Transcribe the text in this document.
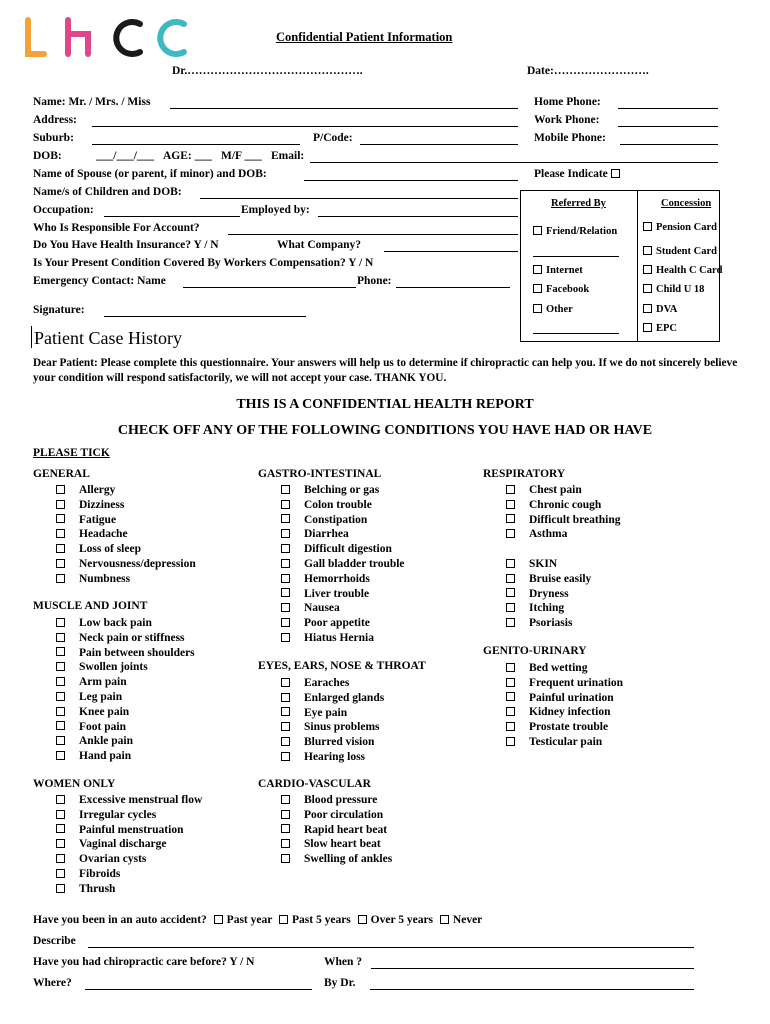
Confidential Patient Information
Dr.……………………………………….	Date:…………………….
Name: Mr. / Mrs. / Miss
Address:
Suburb:	P/Code:
DOB:	___/___/___ AGE: ___ M/F ___ Email:
Name of Spouse (or parent, if minor) and DOB:
Name/s of Children and DOB:
Occupation:	Employed by:
Who Is Responsible For Account?
Do You Have Health Insurance? Y / N	What Company?
Is Your Present Condition Covered By Workers Compensation? Y / N
Emergency Contact: Name	Phone:
Signature:
Home Phone:
Work Phone:
Mobile Phone:
Please Indicate
Referred By	Concession
Friend/Relation
Internet
Facebook
Other
Pension Card
Student Card
Health C Card
Child U 18
DVA
EPC
Patient Case History
Dear Patient: Please complete this questionnaire. Your answers will help us to determine if chiropractic can help you. If we do not sincerely believe your condition will respond satisfactorily, we will not accept your case. THANK YOU.
THIS IS A CONFIDENTIAL HEALTH REPORT
CHECK OFF ANY OF THE FOLLOWING CONDITIONS YOU HAVE HAD OR HAVE
PLEASE TICK
GENERAL
Allergy
Dizziness
Fatigue
Headache
Loss of sleep
Nervousness/depression
Numbness
MUSCLE AND JOINT
Low back pain
Neck pain or stiffness
Pain between shoulders
Swollen joints
Arm pain
Leg pain
Knee pain
Foot pain
Ankle pain
Hand pain
WOMEN ONLY
Excessive menstrual flow
Irregular cycles
Painful menstruation
Vaginal discharge
Ovarian cysts
Fibroids
Thrush
GASTRO-INTESTINAL
Belching or gas
Colon trouble
Constipation
Diarrhea
Difficult digestion
Gall bladder trouble
Hemorrhoids
Liver trouble
Nausea
Poor appetite
Hiatus Hernia
EYES, EARS, NOSE & THROAT
Earaches
Enlarged glands
Eye pain
Sinus problems
Blurred vision
Hearing loss
CARDIO-VASCULAR
Blood pressure
Poor circulation
Rapid heart beat
Slow heart beat
Swelling of ankles
RESPIRATORY
Chest pain
Chronic cough
Difficult breathing
Asthma
SKIN
Bruise easily
Dryness
Itching
Psoriasis
GENITO-URINARY
Bed wetting
Frequent urination
Painful urination
Kidney infection
Prostate trouble
Testicular pain
Have you been in an auto accident? Past year Past 5 years Over 5 years Never
Describe
Have you had chiropractic care before? Y / N	When ?
Where?	By Dr.
